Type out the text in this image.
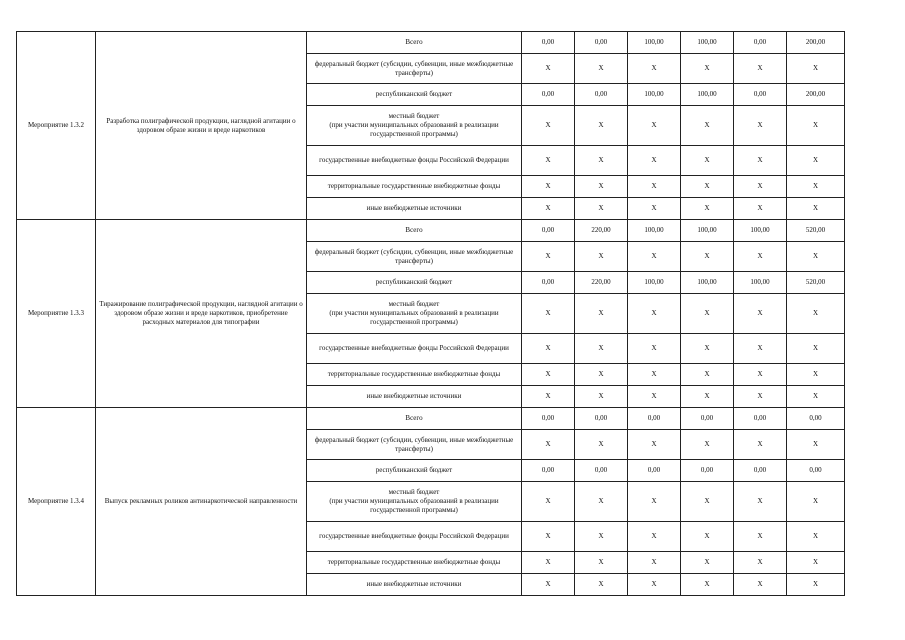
Мероприятие 1.3.2	Разработка полиграфической продукции, наглядной агитации о здоровом образе жизни и вреде наркотиков	Всего	0,00	0,00	100,00	100,00	0,00	200,00
		федеральный бюджет (субсидии, субвенции, иные межбюджетные трансферты)	X	X	X	X	X	X
		республиканский бюджет	0,00	0,00	100,00	100,00	0,00	200,00
		местный бюджет
(при участии муниципальных образований в реализации государственной программы)	X	X	X	X	X	X
		государственные внебюджетные фонды Российской Федерации	X	X	X	X	X	X
		территориальные государственные внебюджетные фонды	X	X	X	X	X	X
		иные внебюджетные источники	X	X	X	X	X	X
Мероприятие 1.3.3	Тиражирование полиграфической продукции, наглядной агитации о здоровом образе жизни и вреде наркотиков, приобретение расходных материалов для типографии	Всего	0,00	220,00	100,00	100,00	100,00	520,00
		федеральный бюджет (субсидии, субвенции, иные межбюджетные трансферты)	X	X	X	X	X	X
		республиканский бюджет	0,00	220,00	100,00	100,00	100,00	520,00
		местный бюджет
(при участии муниципальных образований в реализации государственной программы)	X	X	X	X	X	X
		государственные внебюджетные фонды Российской Федерации	X	X	X	X	X	X
		территориальные государственные внебюджетные фонды	X	X	X	X	X	X
		иные внебюджетные источники	X	X	X	X	X	X
Мероприятие 1.3.4	Выпуск рекламных роликов антинаркотической направленности	Всего	0,00	0,00	0,00	0,00	0,00	0,00
		федеральный бюджет (субсидии, субвенции, иные межбюджетные трансферты)	X	X	X	X	X	X
		республиканский бюджет	0,00	0,00	0,00	0,00	0,00	0,00
		местный бюджет
(при участии муниципальных образований в реализации государственной программы)	X	X	X	X	X	X
		государственные внебюджетные фонды Российской Федерации	X	X	X	X	X	X
		территориальные государственные внебюджетные фонды	X	X	X	X	X	X
		иные внебюджетные источники	X	X	X	X	X	X
